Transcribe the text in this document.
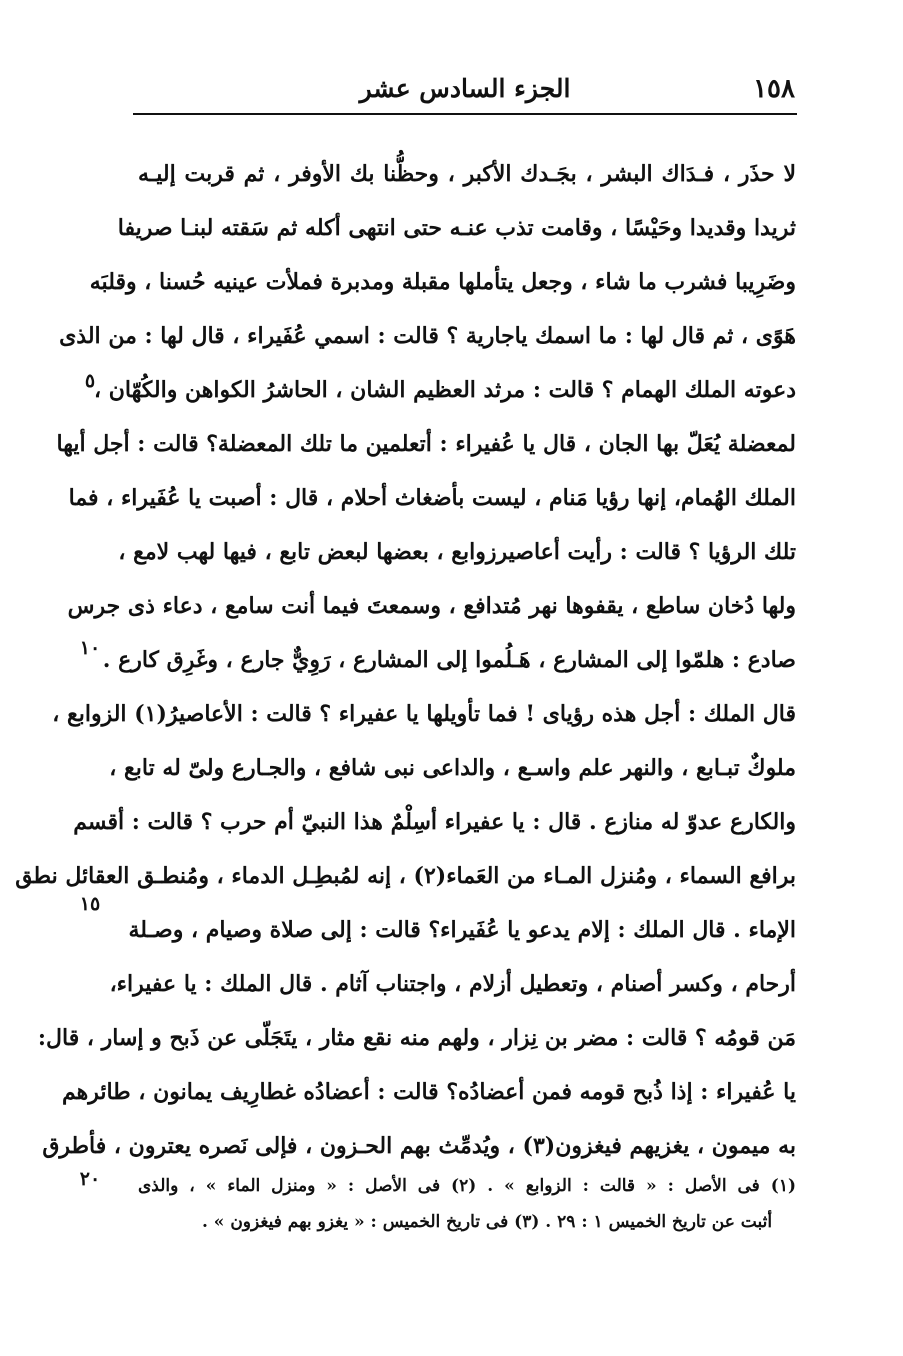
١٥٨
الجزء السادس عشر
لا حذَر ، فـدَاك البشر ، بجَـدك الأكبر ، وحظُّنا بك الأوفر ، ثم قربت إليـه
ثريدا وقديدا وحَيْسًا ، وقامت تذب عنـه حتى انتهى أكله ثم سَقته لبنـا صريفا
وضَرِيبا فشرب ما شاء ، وجعل يتأملها مقبلة ومدبرة فملأت عينيه حُسنا ، وقلبَه
هَوًى ، ثم قال لها : ما اسمك ياجارية ؟ قالت : اسمي عُفَيراء ، قال لها : من الذى
دعوته الملك الهمام ؟ قالت : مرثد العظيم الشان ، الحاشرُ الكواهن والكُهّان ،
لمعضلة يُعَلّ بها الجان ، قال يا عُفيراء : أتعلمين ما تلك المعضلة؟ قالت : أجل أيها
الملك الهُمام، إنها رؤيا مَنام ، ليست بأضغاث أحلام ، قال : أصبت يا عُفَيراء ، فما
تلك الرؤيا ؟ قالت : رأيت أعاصيرزوابع ، بعضها لبعض تابع ، فيها لهب لامع ،
ولها دُخان ساطع ، يقفوها نهر مُتدافع ، وسمعتَ فيما أنت سامع ، دعاء ذى جرس
صادع : هلمّوا إلى المشارع ، هَـلُموا إلى المشارع ، رَوِيٌّ جارع ، وغَرِق كارع .
قال الملك : أجل هذه رؤياى ! فما تأويلها يا عفيراء ؟ قالت : الأعاصيرُ(١) الزوابع ،
ملوكٌ تبـابع ، والنهر علم واسـع ، والداعى نبى شافع ، والجـارع ولىّ له تابع ،
والكارع عدوّ له منازع . قال : يا عفيراء أسِلْمٌ هذا النبيّ أم حرب ؟ قالت : أقسم
برافع السماء ، ومُنزل المـاء من العَماء(٢) ، إنه لمُبطِـل الدماء ، ومُنطـق العقائل نطق
الإماء . قال الملك : إلام يدعو يا عُفَيراء؟ قالت : إلى صلاة وصيام ، وصـلة
أرحام ، وكسر أصنام ، وتعطيل أزلام ، واجتناب آثام . قال الملك : يا عفيراء،
مَن قومُه ؟ قالت : مضر بن نِزار ، ولهم منه نقع مثار ، يتَجَلّى عن ذَبح و إسار ، قال:
يا عُفيراء : إذا ذُبح قومه فمن أعضادُه؟ قالت : أعضادُه غطارِيف يمانون ، طائرهم
به ميمون ، يغزيهم فيغزون(٣) ، ويُدمِّث بهم الحـزون ، فإلى نَصره يعترون ، فأطرق
٥
١٠
١٥
٢٠	(١) فى الأصل : « قالت : الزوابع » . (٢) فى الأصل : « ومنزل الماء » ، والذى
أثبت عن تاريخ الخميس ١ : ٢٩ . (٣) فى تاريخ الخميس : « يغزو بهم فيغزون » .
